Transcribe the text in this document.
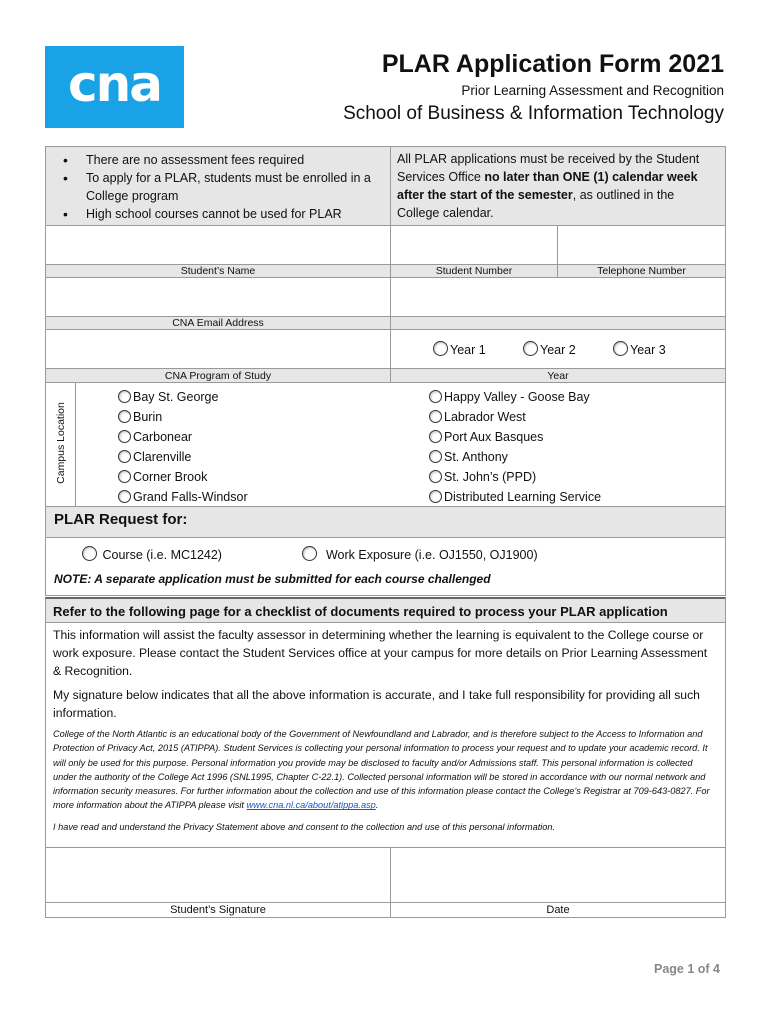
cna	PLAR Application Form 2021
Prior Learning Assessment and Recognition
School of Business & Information Technology
• There are no assessment fees required
• To apply for a PLAR, students must be enrolled in a College program
• High school courses cannot be used for PLAR
All PLAR applications must be received by the Student Services Office no later than ONE (1) calendar week after the start of the semester, as outlined in the College calendar.
Student’s Name	Student Number	Telephone Number
CNA Email Address
Year 1	Year 2	Year 3
CNA Program of Study	Year
Campus Location
Bay St. George
Burin
Carbonear
Clarenville
Corner Brook
Grand Falls-Windsor
Happy Valley - Goose Bay
Labrador West
Port Aux Basques
St. Anthony
St. John’s (PPD)
Distributed Learning Service
PLAR Request for:
Course (i.e. MC1242)	Work Exposure (i.e. OJ1550, OJ1900)
NOTE: A separate application must be submitted for each course challenged
Refer to the following page for a checklist of documents required to process your PLAR application
This information will assist the faculty assessor in determining whether the learning is equivalent to the College course or work exposure. Please contact the Student Services office at your campus for more details on Prior Learning Assessment & Recognition.
My signature below indicates that all the above information is accurate, and I take full responsibility for providing all such information.
College of the North Atlantic is an educational body of the Government of Newfoundland and Labrador, and is therefore subject to the Access to Information and Protection of Privacy Act, 2015 (ATIPPA). Student Services is collecting your personal information to process your request and to update your academic record. It will only be used for this purpose. Personal information you provide may be disclosed to faculty and/or Admissions staff. This personal information is collected under the authority of the College Act 1996 (SNL1995, Chapter C-22.1). Collected personal information will be stored in accordance with our normal network and information security measures. For further information about the collection and use of this information please contact the College’s Registrar at 709-643-0827. For more information about the ATIPPA please visit www.cna.nl.ca/about/atippa.asp.
I have read and understand the Privacy Statement above and consent to the collection and use of this personal information.
Student’s Signature	Date
Page 1 of 4
